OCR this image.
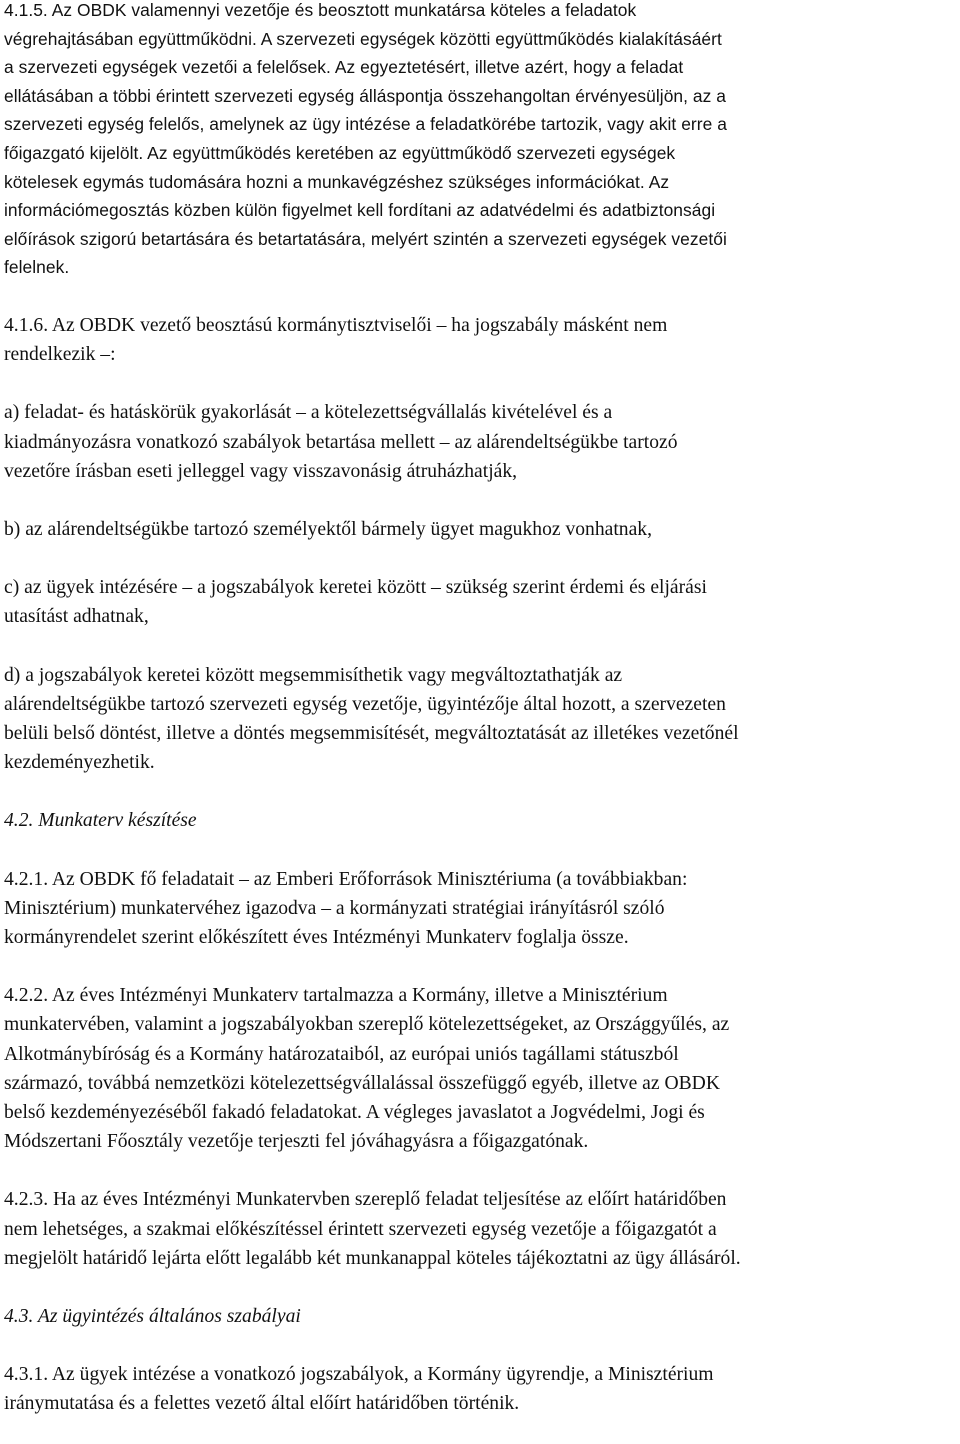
4.1.5. Az OBDK valamennyi vezetője és beosztott munkatársa köteles a feladatok
végrehajtásában együttműködni. A szervezeti egységek közötti együttműködés kialakításáért
a szervezeti egységek vezetői a felelősek. Az egyeztetésért, illetve azért, hogy a feladat
ellátásában a többi érintett szervezeti egység álláspontja összehangoltan érvényesüljön, az a
szervezeti egység felelős, amelynek az ügy intézése a feladatkörébe tartozik, vagy akit erre a
főigazgató kijelölt. Az együttműködés keretében az együttműködő szervezeti egységek
kötelesek egymás tudomására hozni a munkavégzéshez szükséges információkat. Az
információmegosztás közben külön figyelmet kell fordítani az adatvédelmi és adatbiztonsági
előírások szigorú betartására és betartatására, melyért szintén a szervezeti egységek vezetői
felelnek.
4.1.6. Az OBDK vezető beosztású kormánytisztviselői ‒ ha jogszabály másként nem
rendelkezik ‒:
a) feladat- és hatáskörük gyakorlását ‒ a kötelezettségvállalás kivételével és a
kiadmányozásra vonatkozó szabályok betartása mellett ‒ az alárendeltségükbe tartozó
vezetőre írásban eseti jelleggel vagy visszavonásig átruházhatják,
b) az alárendeltségükbe tartozó személyektől bármely ügyet magukhoz vonhatnak,
c) az ügyek intézésére ‒ a jogszabályok keretei között ‒ szükség szerint érdemi és eljárási
utasítást adhatnak,
d) a jogszabályok keretei között megsemmisíthetik vagy megváltoztathatják az
alárendeltségükbe tartozó szervezeti egység vezetője, ügyintézője által hozott, a szervezeten
belüli belső döntést, illetve a döntés megsemmisítését, megváltoztatását az illetékes vezetőnél
kezdeményezhetik.
4.2. Munkaterv készítése
4.2.1. Az OBDK fő feladatait ‒ az Emberi Erőforrások Minisztériuma (a továbbiakban:
Minisztérium) munkatervéhez igazodva ‒ a kormányzati stratégiai irányításról szóló
kormányrendelet szerint előkészített éves Intézményi Munkaterv foglalja össze.
4.2.2. Az éves Intézményi Munkaterv tartalmazza a Kormány, illetve a Minisztérium
munkatervében, valamint a jogszabályokban szereplő kötelezettségeket, az Országgyűlés, az
Alkotmánybíróság és a Kormány határozataiból, az európai uniós tagállami státuszból
származó, továbbá nemzetközi kötelezettségvállalással összefüggő egyéb, illetve az OBDK
belső kezdeményezéséből fakadó feladatokat. A végleges javaslatot a Jogvédelmi, Jogi és
Módszertani Főosztály vezetője terjeszti fel jóváhagyásra a főigazgatónak.
4.2.3. Ha az éves Intézményi Munkatervben szereplő feladat teljesítése az előírt határidőben
nem lehetséges, a szakmai előkészítéssel érintett szervezeti egység vezetője a főigazgatót a
megjelölt határidő lejárta előtt legalább két munkanappal köteles tájékoztatni az ügy állásáról.
4.3. Az ügyintézés általános szabályai
4.3.1. Az ügyek intézése a vonatkozó jogszabályok, a Kormány ügyrendje, a Minisztérium
iránymutatása és a felettes vezető által előírt határidőben történik.
